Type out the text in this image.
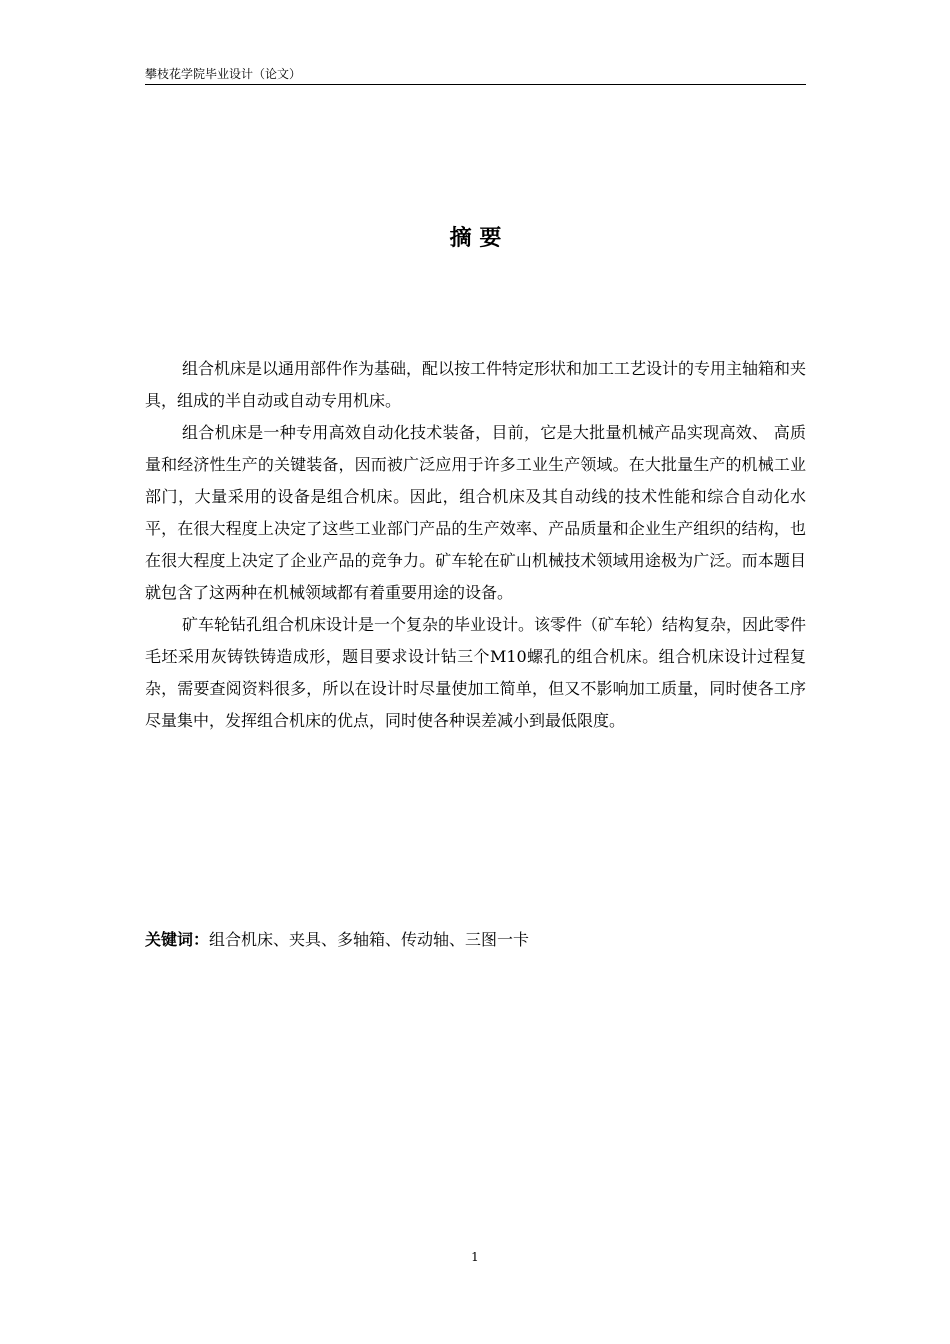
攀枝花学院毕业设计（论文）
摘 要

组合机床是以通用部件作为基础，配以按工件特定形状和加工工艺设计的专用主轴箱和夹具，组成的半自动或自动专用机床。

组合机床是一种专用高效自动化技术装备，目前，它是大批量机械产品实现高效、 高质量和经济性生产的关键装备，因而被广泛应用于许多工业生产领域。在大批量生产的机械工业部门，大量采用的设备是组合机床。因此，组合机床及其自动线的技术性能和综合自动化水平，在很大程度上决定了这些工业部门产品的生产效率、产品质量和企业生产组织的结构，也在很大程度上决定了企业产品的竞争力。矿车轮在矿山机械技术领域用途极为广泛。而本题目就包含了这两种在机械领域都有着重要用途的设备。

矿车轮钻孔组合机床设计是一个复杂的毕业设计。该零件（矿车轮）结构复杂，因此零件毛坯采用灰铸铁铸造成形，题目要求设计钻三个M10螺孔的组合机床。组合机床设计过程复杂，需要查阅资料很多，所以在设计时尽量使加工简单，但又不影响加工质量，同时使各工序尽量集中，发挥组合机床的优点，同时使各种误差减小到最低限度。

关键词：组合机床、夹具、多轴箱、传动轴、三图一卡
1
